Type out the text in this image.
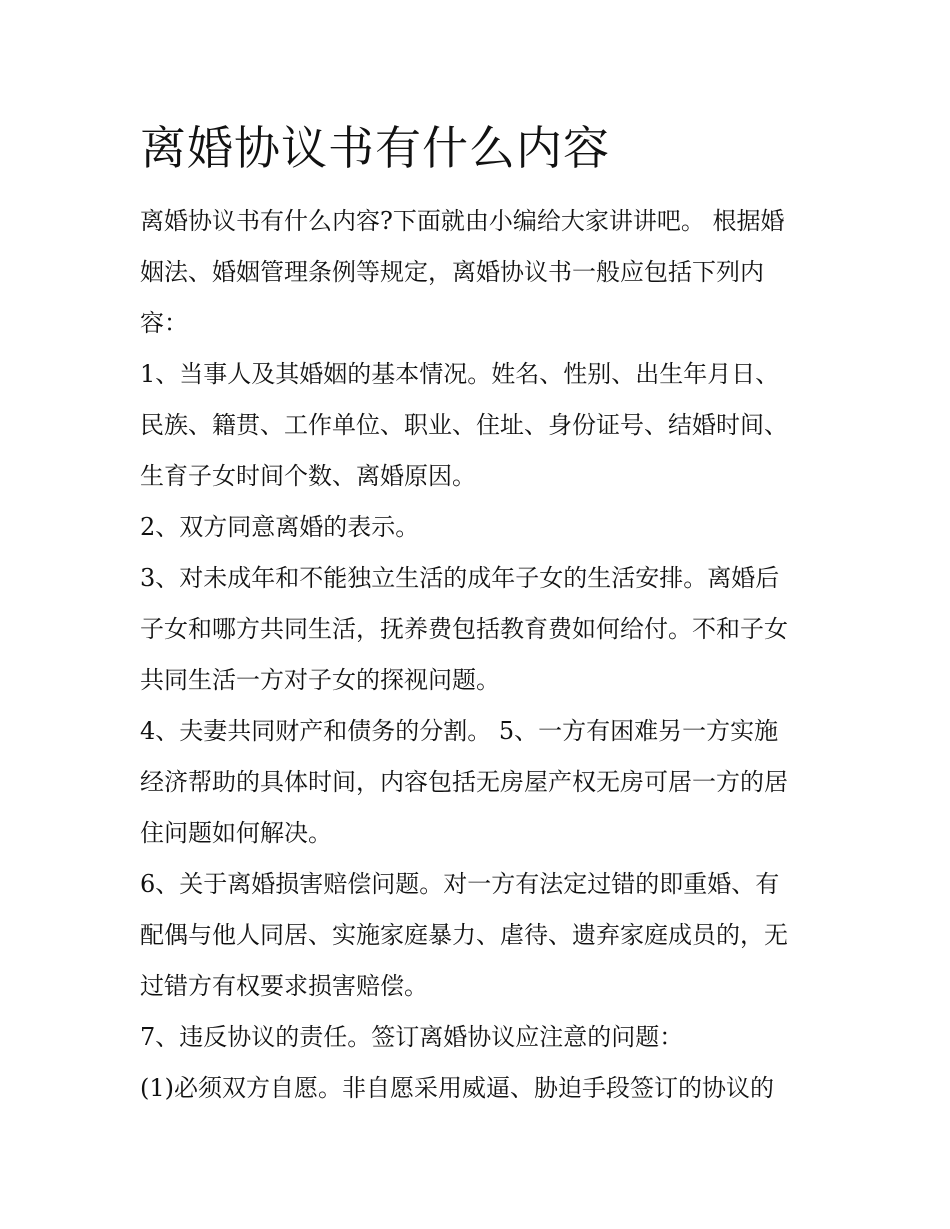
离婚协议书有什么内容

离婚协议书有什么内容?下面就由小编给大家讲讲吧。 根据婚

姻法、婚姻管理条例等规定，离婚协议书一般应包括下列内

容：

1、当事人及其婚姻的基本情况。姓名、性别、出生年月日、

民族、籍贯、工作单位、职业、住址、身份证号、结婚时间、

生育子女时间个数、离婚原因。

2、双方同意离婚的表示。

3、对未成年和不能独立生活的成年子女的生活安排。离婚后

子女和哪方共同生活，抚养费包括教育费如何给付。不和子女

共同生活一方对子女的探视问题。

4、夫妻共同财产和债务的分割。 5、一方有困难另一方实施

经济帮助的具体时间，内容包括无房屋产权无房可居一方的居

住问题如何解决。

6、关于离婚损害赔偿问题。对一方有法定过错的即重婚、有

配偶与他人同居、实施家庭暴力、虐待、遗弃家庭成员的，无

过错方有权要求损害赔偿。

7、违反协议的责任。签订离婚协议应注意的问题：

(1)必须双方自愿。非自愿采用威逼、胁迫手段签订的协议的
